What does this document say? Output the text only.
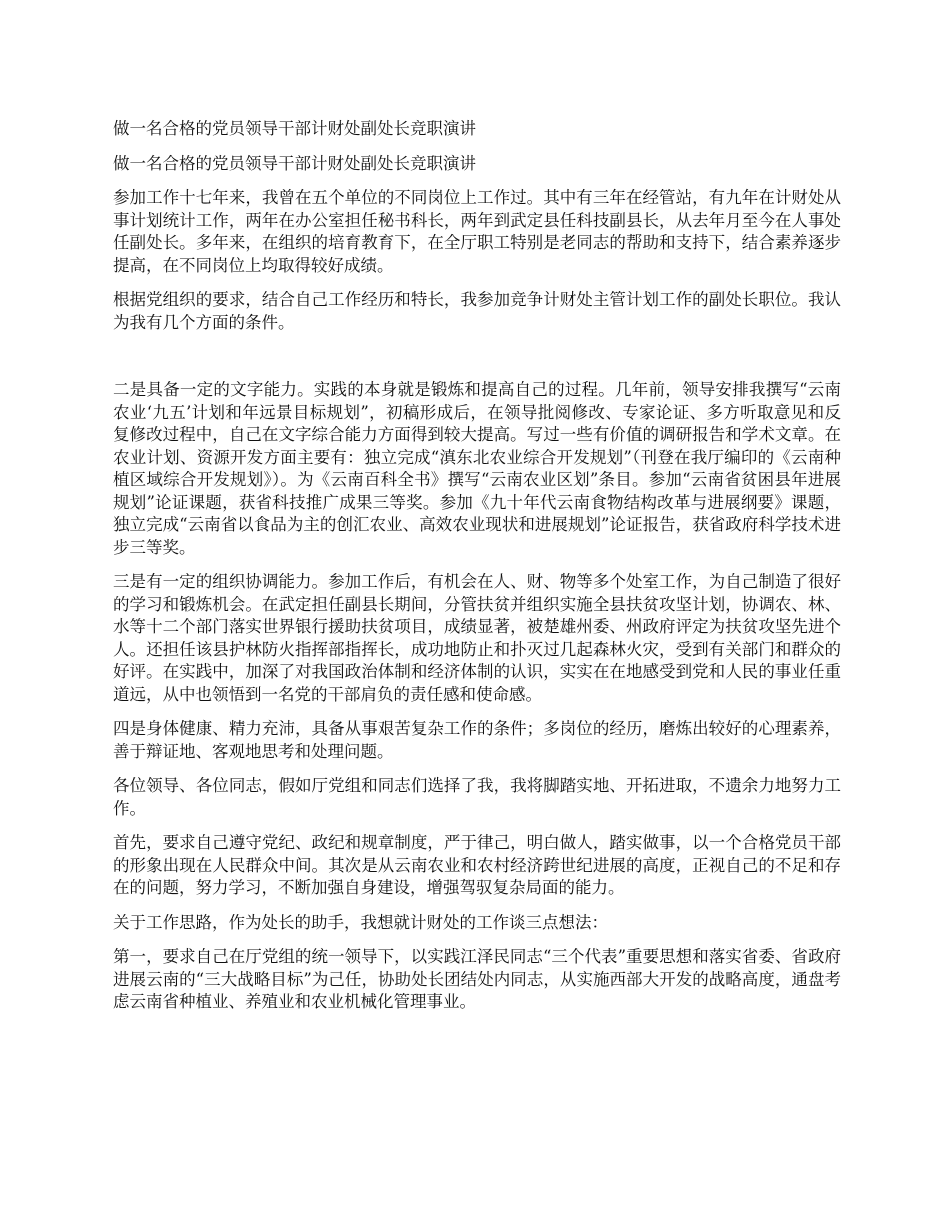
做一名合格的党员领导干部计财处副处长竞职演讲

做一名合格的党员领导干部计财处副处长竞职演讲

参加工作十七年来，我曾在五个单位的不同岗位上工作过。其中有三年在经管站，有九年在计财处从事计划统计工作，两年在办公室担任秘书科长，两年到武定县任科技副县长，从去年月至今在人事处任副处长。多年来，在组织的培育教育下，在全厅职工特别是老同志的帮助和支持下，结合素养逐步提高，在不同岗位上均取得较好成绩。

根据党组织的要求，结合自己工作经历和特长，我参加竞争计财处主管计划工作的副处长职位。我认为我有几个方面的条件。

二是具备一定的文字能力。实践的本身就是锻炼和提高自己的过程。几年前，领导安排我撰写“云南农业‘九五’计划和年远景目标规划”，初稿形成后，在领导批阅修改、专家论证、多方听取意见和反复修改过程中，自己在文字综合能力方面得到较大提高。写过一些有价值的调研报告和学术文章。在农业计划、资源开发方面主要有：独立完成“滇东北农业综合开发规划”（刊登在我厅编印的《云南种植区域综合开发规划》）。为《云南百科全书》撰写“云南农业区划”条目。参加“云南省贫困县年进展规划”论证课题，获省科技推广成果三等奖。参加《九十年代云南食物结构改革与进展纲要》课题，独立完成“云南省以食品为主的创汇农业、高效农业现状和进展规划”论证报告，获省政府科学技术进步三等奖。

三是有一定的组织协调能力。参加工作后，有机会在人、财、物等多个处室工作，为自己制造了很好的学习和锻炼机会。在武定担任副县长期间，分管扶贫并组织实施全县扶贫攻坚计划，协调农、林、水等十二个部门落实世界银行援助扶贫项目，成绩显著，被楚雄州委、州政府评定为扶贫攻坚先进个人。还担任该县护林防火指挥部指挥长，成功地防止和扑灭过几起森林火灾，受到有关部门和群众的好评。在实践中，加深了对我国政治体制和经济体制的认识，实实在在地感受到党和人民的事业任重道远，从中也领悟到一名党的干部肩负的责任感和使命感。

四是身体健康、精力充沛，具备从事艰苦复杂工作的条件；多岗位的经历，磨炼出较好的心理素养，善于辩证地、客观地思考和处理问题。

各位领导、各位同志，假如厅党组和同志们选择了我，我将脚踏实地、开拓进取，不遗余力地努力工作。

首先，要求自己遵守党纪、政纪和规章制度，严于律己，明白做人，踏实做事，以一个合格党员干部的形象出现在人民群众中间。其次是从云南农业和农村经济跨世纪进展的高度，正视自己的不足和存在的问题，努力学习，不断加强自身建设，增强驾驭复杂局面的能力。

关于工作思路，作为处长的助手，我想就计财处的工作谈三点想法：

第一，要求自己在厅党组的统一领导下，以实践江泽民同志“三个代表”重要思想和落实省委、省政府进展云南的“三大战略目标”为己任，协助处长团结处内同志，从实施西部大开发的战略高度，通盘考虑云南省种植业、养殖业和农业机械化管理事业。
